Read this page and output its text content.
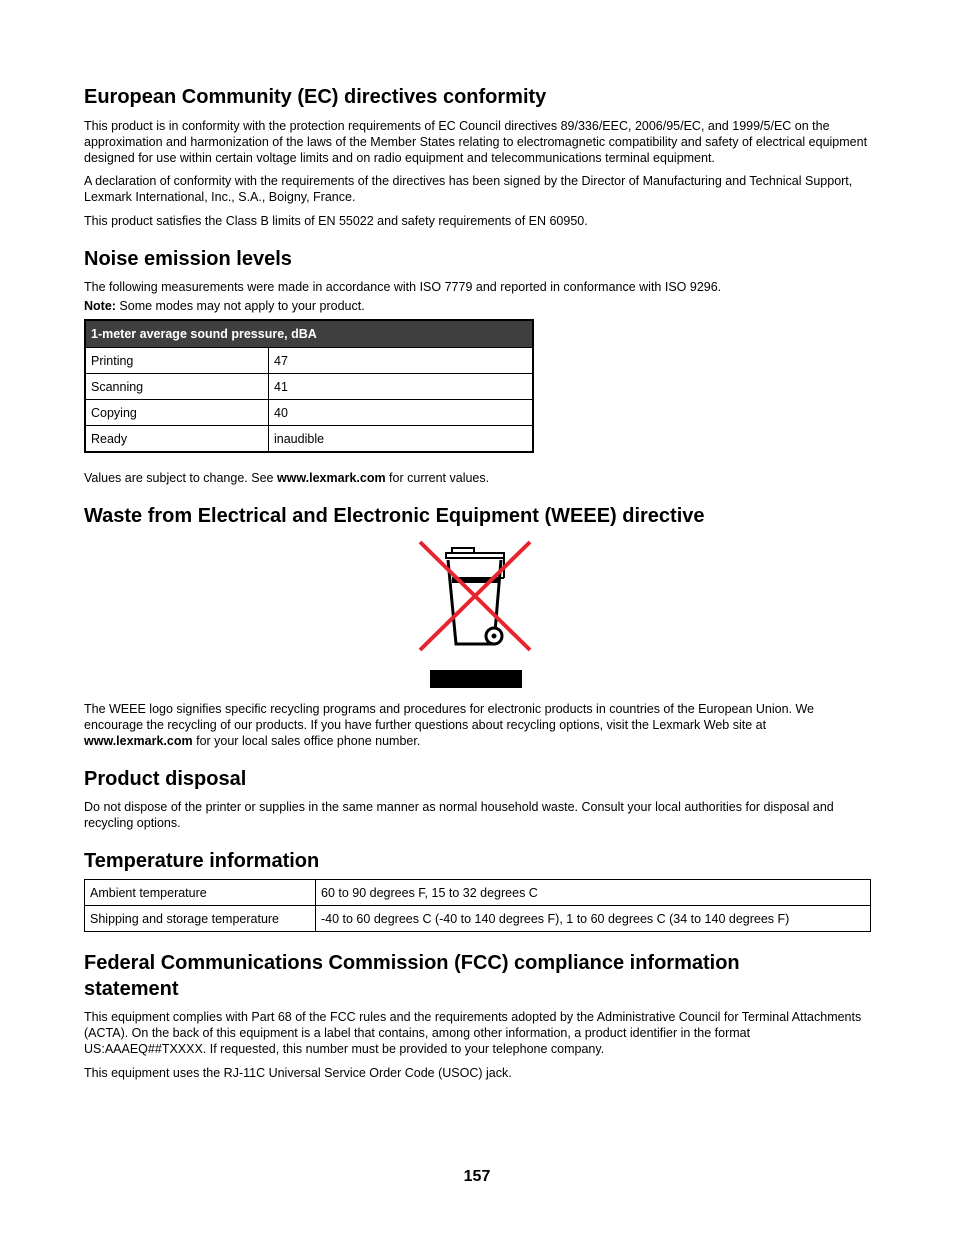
European Community (EC) directives conformity

This product is in conformity with the protection requirements of EC Council directives 89/336/EEC, 2006/95/EC, and 1999/5/EC on the approximation and harmonization of the laws of the Member States relating to electromagnetic compatibility and safety of electrical equipment designed for use within certain voltage limits and on radio equipment and telecommunications terminal equipment.

A declaration of conformity with the requirements of the directives has been signed by the Director of Manufacturing and Technical Support, Lexmark International, Inc., S.A., Boigny, France.

This product satisfies the Class B limits of EN 55022 and safety requirements of EN 60950.

Noise emission levels

The following measurements were made in accordance with ISO 7779 and reported in conformance with ISO 9296.

Note: Some modes may not apply to your product.

1-meter average sound pressure, dBA	
Printing	47
Scanning	41
Copying	40
Ready	inaudible

Values are subject to change. See www.lexmark.com for current values.

Waste from Electrical and Electronic Equipment (WEEE) directive

The WEEE logo signifies specific recycling programs and procedures for electronic products in countries of the European Union. We encourage the recycling of our products. If you have further questions about recycling options, visit the Lexmark Web site at www.lexmark.com for your local sales office phone number.

Product disposal

Do not dispose of the printer or supplies in the same manner as normal household waste. Consult your local authorities for disposal and recycling options.

Temperature information
Ambient temperature	60 to 90 degrees F, 15 to 32 degrees C
Shipping and storage temperature	-40 to 60 degrees C (-40 to 140 degrees F), 1 to 60 degrees C (34 to 140 degrees F)
Federal Communications Commission (FCC) compliance information statement

This equipment complies with Part 68 of the FCC rules and the requirements adopted by the Administrative Council for Terminal Attachments (ACTA). On the back of this equipment is a label that contains, among other information, a product identifier in the format US:AAAEQ##TXXXX. If requested, this number must be provided to your telephone company.

This equipment uses the RJ-11C Universal Service Order Code (USOC) jack.

157
